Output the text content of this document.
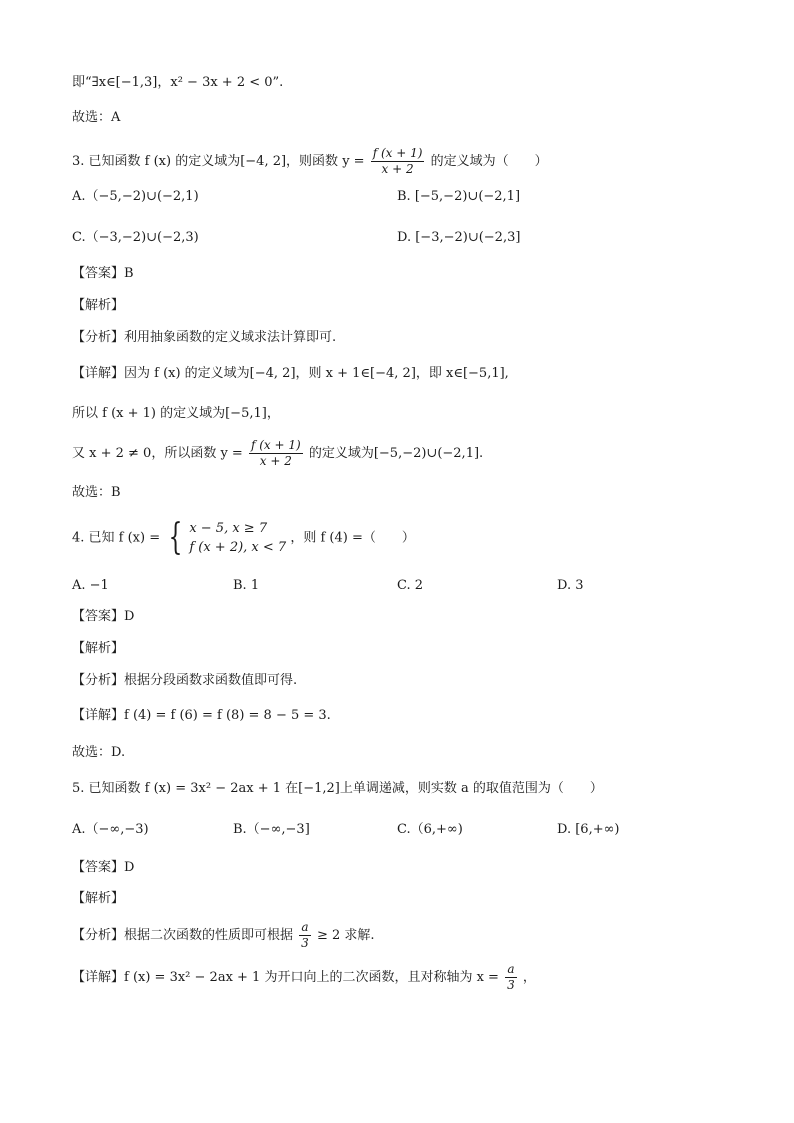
即“∃x∈[−1,3]，x² − 3x + 2 < 0”.
故选：A
3. 已知函数 f (x) 的定义域为[−4, 2]，则函数 $y = \frac{f (x + 1)}{x + 2}$ 的定义域为（　　）
A.（−5,−2)∪(−2,1)	B. [−5,−2)∪(−2,1]
C.（−3,−2)∪(−2,3)	D. [−3,−2)∪(−2,3]
【答案】B
【解析】
【分析】利用抽象函数的定义域求法计算即可.
【详解】因为 f (x) 的定义域为[−4, 2]，则 x + 1∈[−4, 2]，即 x∈[−5,1],
所以 f (x + 1) 的定义域为[−5,1]，
又 x + 2 ≠ 0，所以函数 $y = \frac{f (x + 1)}{x + 2}$ 的定义域为[−5,−2)∪(−2,1].
故选：B
4. 已知 f (x) = { x − 5, x ≥ 7
f (x + 2), x < 7
，则 f (4) =（　　）
A. −1	B. 1	C. 2	D. 3
【答案】D
【解析】
【分析】根据分段函数求函数值即可得.
【详解】f (4) = f (6) = f (8) = 8 − 5 = 3.
故选：D.
5. 已知函数 f (x) = 3x² − 2ax + 1 在[−1,2]上单调递减，则实数 a 的取值范围为（　　）
A.（−∞,−3)	B.（−∞,−3]	C.（6,+∞)	D. [6,+∞)
【答案】D
【解析】
【分析】根据二次函数的性质即可根据 $\frac{a}{3} \ge 2$ 求解.
【详解】f (x) = 3x² − 2ax + 1 为开口向上的二次函数，且对称轴为 $x = \frac{a}{3}$ ，
